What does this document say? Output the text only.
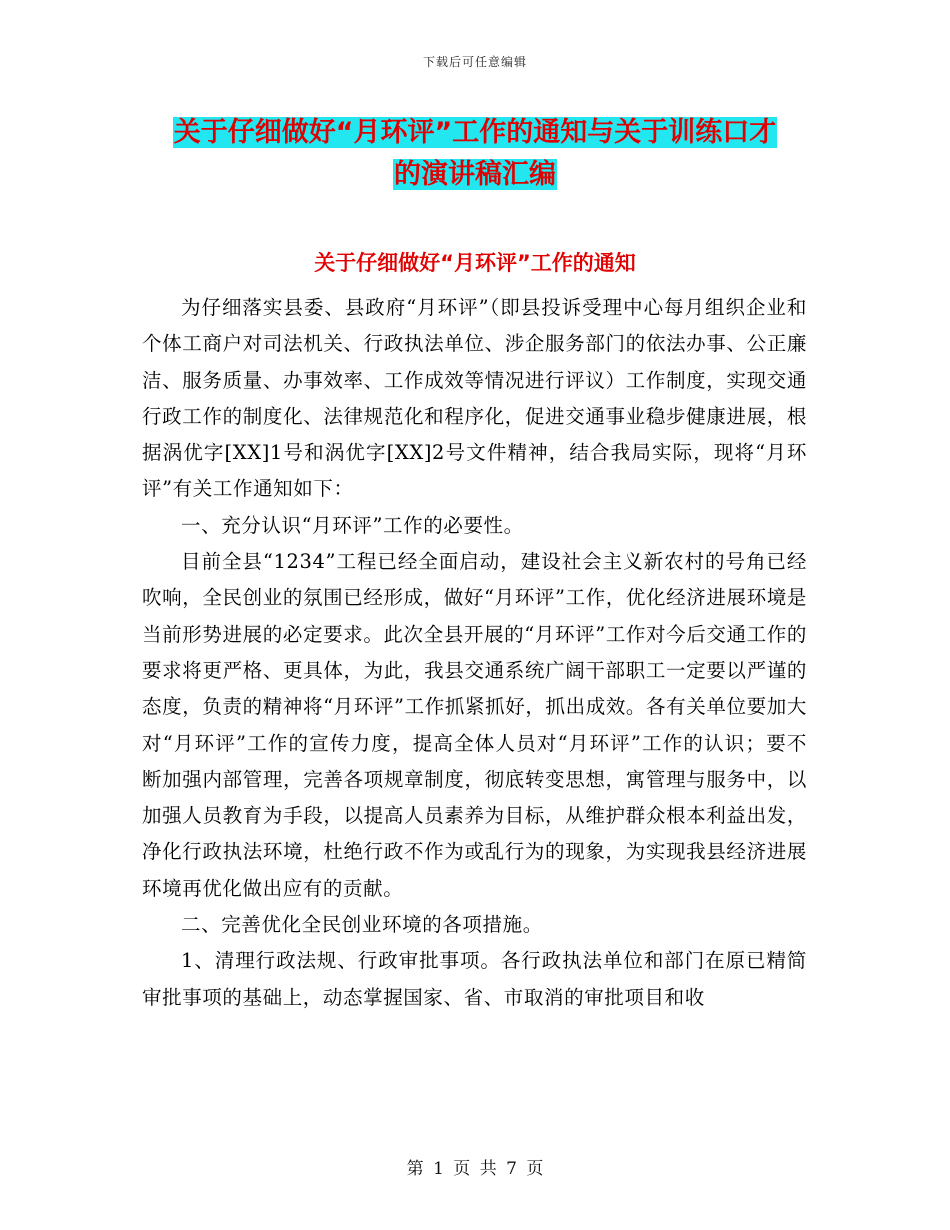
下载后可任意编辑
关于仔细做好“月环评”工作的通知与关于训练口才
的演讲稿汇编
关于仔细做好“月环评”工作的通知

为仔细落实县委、县政府“月环评”（即县投诉受理中心每月组织企业和个体工商户对司法机关、行政执法单位、涉企服务部门的依法办事、公正廉洁、服务质量、办事效率、工作成效等情况进行评议）工作制度，实现交通行政工作的制度化、法律规范化和程序化，促进交通事业稳步健康进展，根据涡优字[XX]1号和涡优字[XX]2号文件精神，结合我局实际，现将“月环评”有关工作通知如下：

一、充分认识“月环评”工作的必要性。

目前全县“1234”工程已经全面启动，建设社会主义新农村的号角已经吹响，全民创业的氛围已经形成，做好“月环评”工作，优化经济进展环境是当前形势进展的必定要求。此次全县开展的“月环评”工作对今后交通工作的要求将更严格、更具体，为此，我县交通系统广阔干部职工一定要以严谨的态度，负责的精神将“月环评”工作抓紧抓好，抓出成效。各有关单位要加大对“月环评”工作的宣传力度，提高全体人员对“月环评”工作的认识；要不断加强内部管理，完善各项规章制度，彻底转变思想，寓管理与服务中，以加强人员教育为手段，以提高人员素养为目标，从维护群众根本利益出发，净化行政执法环境，杜绝行政不作为或乱行为的现象，为实现我县经济进展环境再优化做出应有的贡献。

二、完善优化全民创业环境的各项措施。

1、清理行政法规、行政审批事项。各行政执法单位和部门在原已精简审批事项的基础上，动态掌握国家、省、市取消的审批项目和收

第 1 页 共 7 页
